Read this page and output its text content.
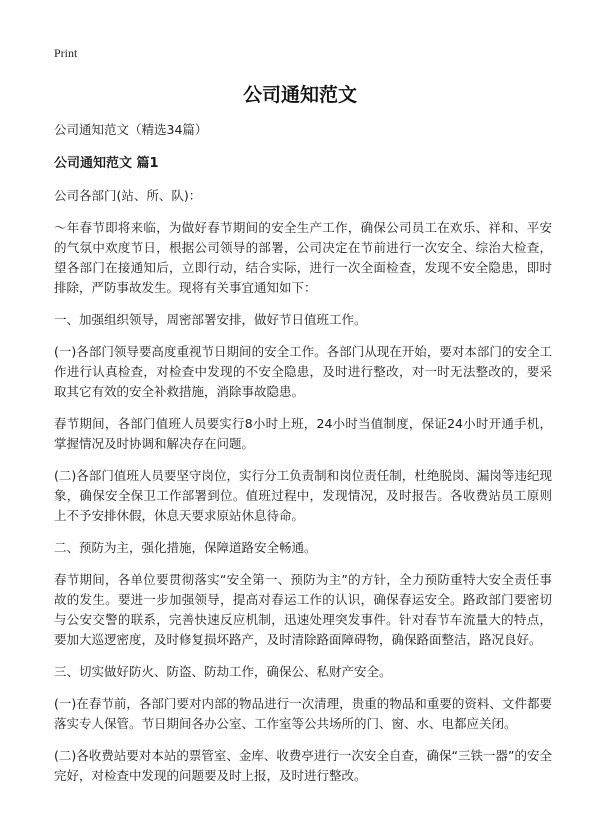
Print
公司通知范文

公司通知范文（精选34篇）

公司通知范文 篇1

公司各部门(站、所、队)：

～年春节即将来临，为做好春节期间的安全生产工作，确保公司员工在欢乐、祥和、平安的气氛中欢度节日，根据公司领导的部署，公司决定在节前进行一次安全、综治大检查，望各部门在接通知后，立即行动，结合实际，进行一次全面检查，发现不安全隐患，即时排除，严防事故发生。现将有关事宜通知如下：

一、加强组织领导，周密部署安排，做好节日值班工作。

(一)各部门领导要高度重视节日期间的安全工作。各部门从现在开始，要对本部门的安全工作进行认真检查，对检查中发现的不安全隐患，及时进行整改，对一时无法整改的，要采取其它有效的安全补救措施，消除事故隐患。

春节期间，各部门值班人员要实行8小时上班，24小时当值制度，保证24小时开通手机，掌握情况及时协调和解决存在问题。

(二)各部门值班人员要坚守岗位，实行分工负责制和岗位责任制，杜绝脱岗、漏岗等违纪现象，确保安全保卫工作部署到位。值班过程中，发现情况，及时报告。各收费站员工原则上不予安排休假，休息天要求原站休息待命。

二、预防为主，强化措施，保障道路安全畅通。

春节期间，各单位要贯彻落实“安全第一、预防为主”的方针，全力预防重特大安全责任事故的发生。要进一步加强领导，提高对春运工作的认识，确保春运安全。路政部门要密切与公安交警的联系，完善快速反应机制，迅速处理突发事件。针对春节车流量大的特点，要加大巡逻密度，及时修复损坏路产，及时清除路面障碍物，确保路面整洁，路况良好。

三、切实做好防火、防盗、防劫工作，确保公、私财产安全。

(一)在春节前，各部门要对内部的物品进行一次清理，贵重的物品和重要的资料、文件都要落实专人保管。节日期间各办公室、工作室等公共场所的门、窗、水、电都应关闭。

(二)各收费站要对本站的票管室、金库、收费亭进行一次安全自查，确保“三铁一器”的安全完好，对检查中发现的问题要及时上报，及时进行整改。
